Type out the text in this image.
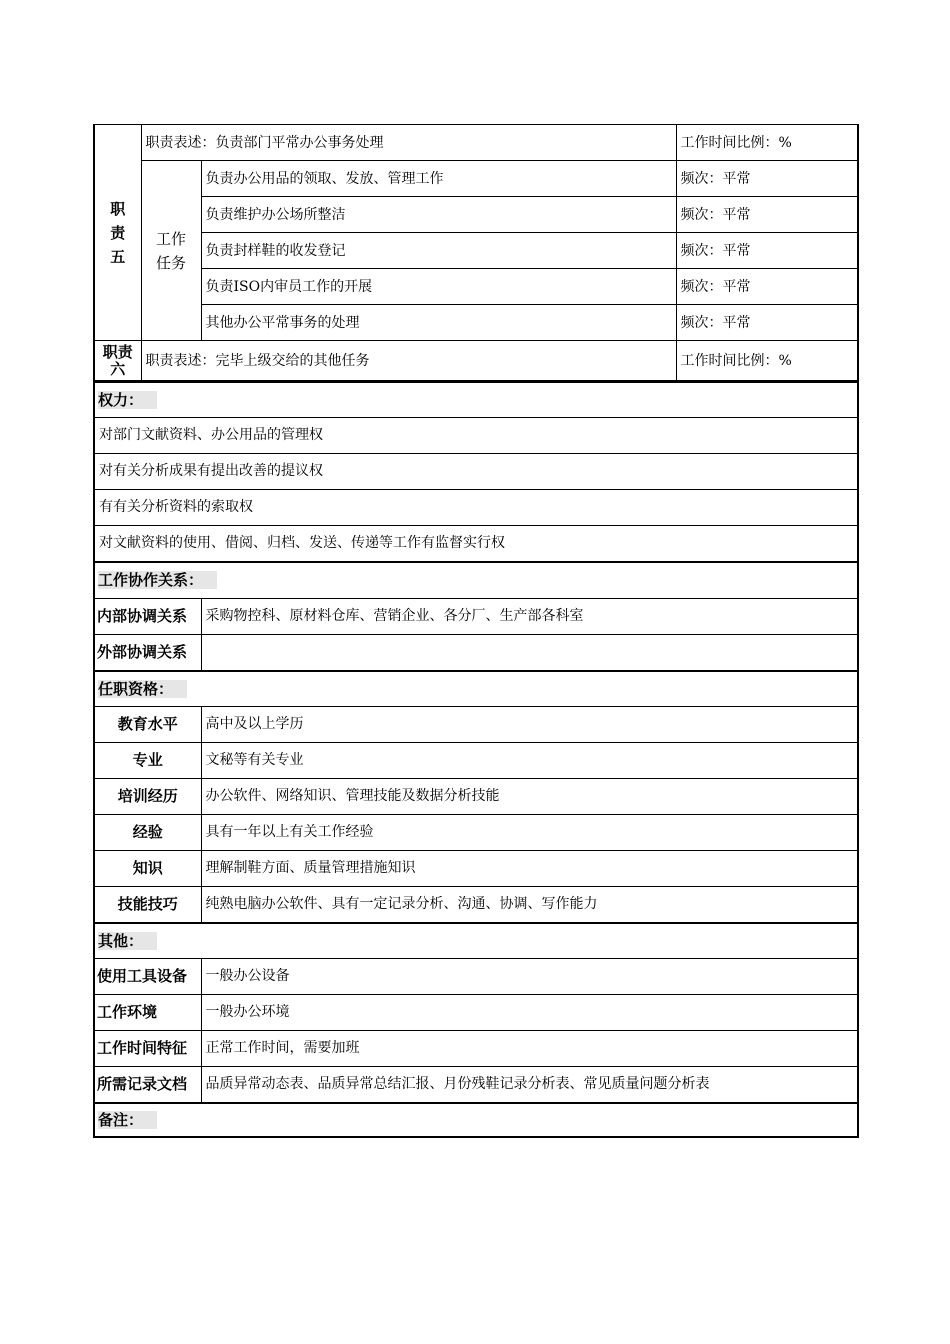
职
责
五	职责表述：负责部门平常办公事务处理		工作时间比例：%
	工作
任务	负责办公用品的领取、发放、管理工作	频次：平常
		负责维护办公场所整洁	频次：平常
		负责封样鞋的收发登记	频次：平常
		负责ISO内审员工作的开展	频次：平常
		其他办公平常事务的处理	频次：平常
职责
六	职责表述：完毕上级交给的其他任务		工作时间比例：%
权力：	
对部门文献资料、办公用品的管理权	
对有关分析成果有提出改善的提议权	
有有关分析资料的索取权	
对文献资料的使用、借阅、归档、发送、传递等工作有监督实行权	
工作协作关系：	
内部协调关系	采购物控科、原材料仓库、营销企业、各分厂、生产部各科室
外部协调关系	
任职资格：	
教育水平	高中及以上学历
专业	文秘等有关专业
培训经历	办公软件、网络知识、管理技能及数据分析技能
经验	具有一年以上有关工作经验
知识	理解制鞋方面、质量管理措施知识
技能技巧	纯熟电脑办公软件、具有一定记录分析、沟通、协调、写作能力
其他：	
使用工具设备	一般办公设备
工作环境	一般办公环境
工作时间特征	正常工作时间，需要加班
所需记录文档	品质异常动态表、品质异常总结汇报、月份残鞋记录分析表、常见质量问题分析表
备注：	
